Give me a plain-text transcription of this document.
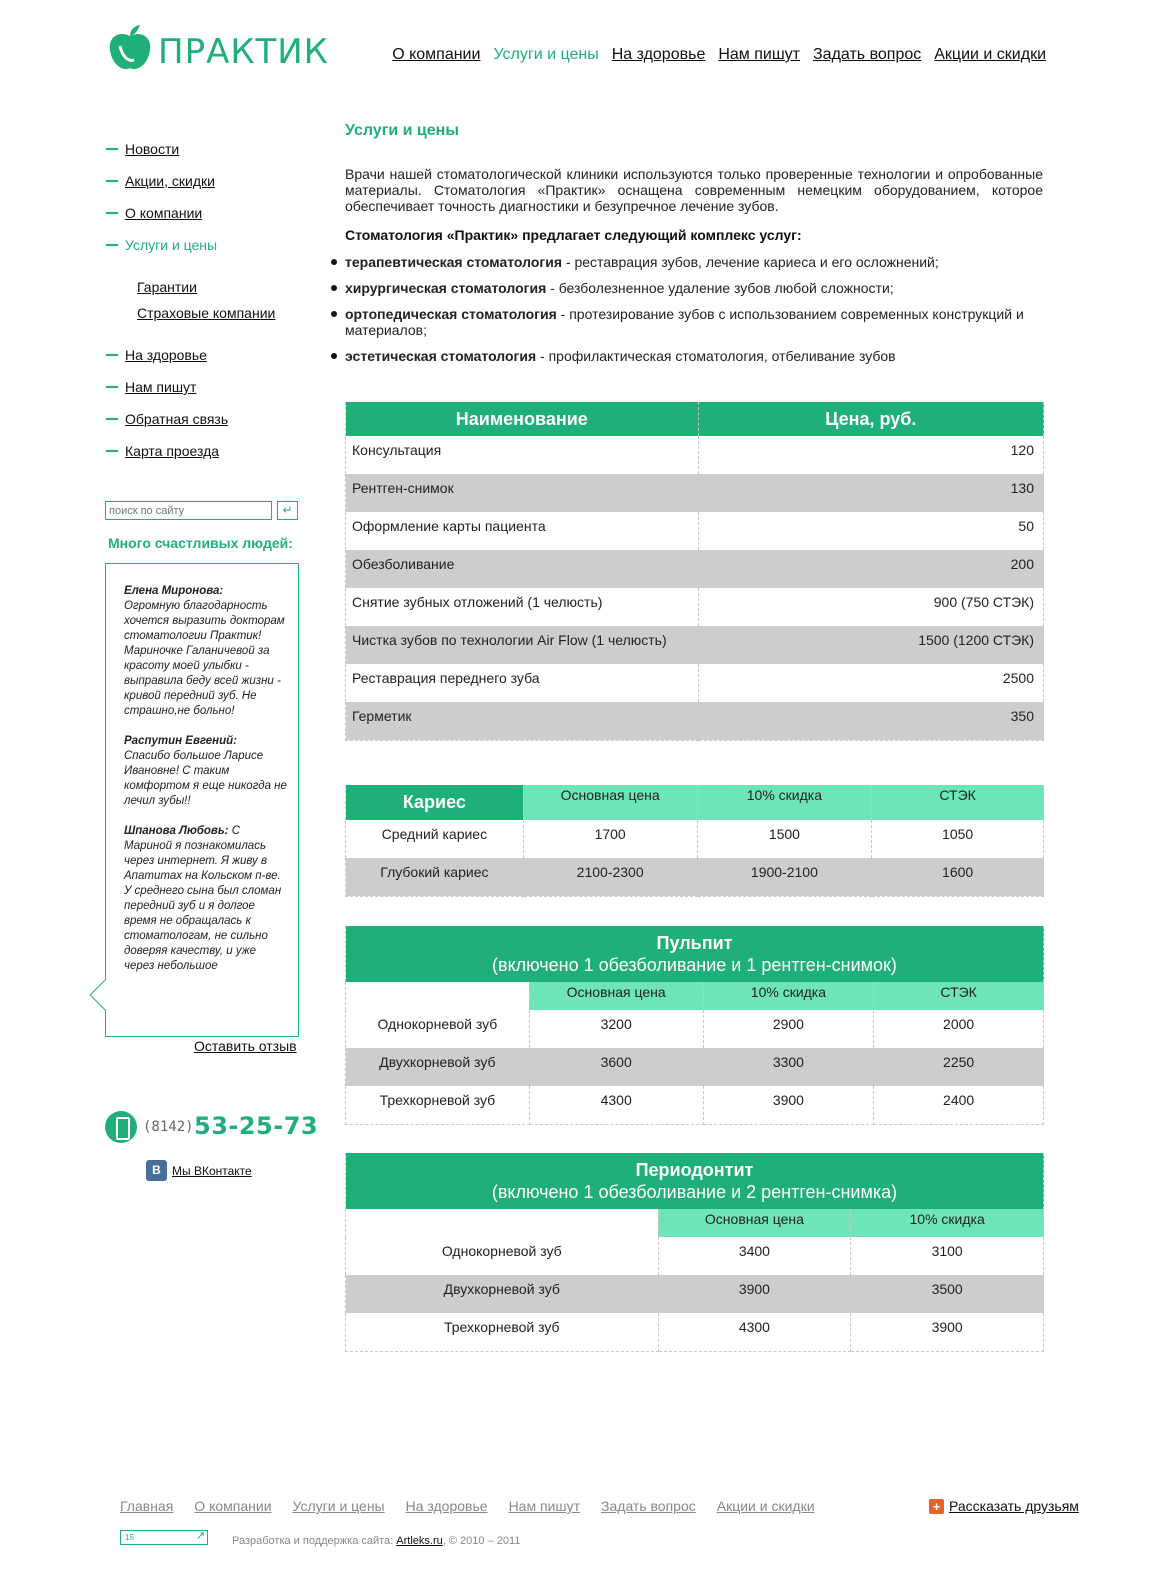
ПРАКТИК	О компании Услуги и цены На здоровье Нам пишут Задать вопрос Акции и скидки
Новости
Акции, скидки
О компании
Услуги и цены
Гарантии
Страховые компании
На здоровье
Нам пишут
Обратная связь
Карта проезда
поиск по сайту
↵
Много счастливых людей:

Елена Миронова:
Огромную благодарность хочется выразить докторам стоматологии Практик! Мариночке Галаничевой за красоту моей улыбки - выправила беду всей жизни - кривой передний зуб. Не страшно,не больно!

Распутин Евгений:
Спасибо большое Ларисе Ивановне! С таким комфортом я еще никогда не лечил зубы!!

Шпанова Любовь: С Мариной я познакомилась через интернет. Я живу в Апатитах на Кольском п-ве. У среднего сына был сломан передний зуб и я долгое время не обращалась к стоматологам, не сильно доверяя качеству, и уже через небольшое

Оставить отзыв
(8142) 53-25-73
В Мы ВКонтакте
Услуги и цены

Врачи нашей стоматологической клиники используются только проверенные технологии и опробованные материалы. Стоматология «Практик» оснащена современным немецким оборудованием, которое обеспечивает точность диагностики и безупречное лечение зубов.

Стоматология «Практик» предлагает следующий комплекс услуг:

терапевтическая стоматология - реставрация зубов, лечение кариеса и его осложнений;
хирургическая стоматология - безболезненное удаление зубов любой сложности;
ортопедическая стоматология - протезирование зубов с использованием современных конструкций и материалов;
эстетическая стоматология - профилактическая стоматология, отбеливание зубов
Наименование	Цена, руб.
Консультация	120
Рентген-снимок	130
Оформление карты пациента	50
Обезболивание	200
Снятие зубных отложений (1 челюсть)	900 (750 СТЭК)
Чистка зубов по технологии Air Flow (1 челюсть)	1500 (1200 СТЭК)
Реставрация переднего зуба	2500
Герметик	350
Кариес	Основная цена	10% скидка	СТЭК
Средний кариес	1700	1500	1050
Глубокий кариес	2100-2300	1900-2100	1600
Пульпит
(включено 1 обезболивание и 1 рентген-снимок)			
	Основная цена	10% скидка	СТЭК
Однокорневой зуб	3200	2900	2000
Двухкорневой зуб	3600	3300	2250
Трехкорневой зуб	4300	3900	2400
Периодонтит
(включено 1 обезболивание и 2 рентген-снимка)		
	Основная цена	10% скидка
Однокорневой зуб	3400	3100
Двухкорневой зуб	3900	3500
Трехкорневой зуб	4300	3900
Главная О компании Услуги и цены На здоровье Нам пишут Задать вопрос Акции и скидки	+ Рассказать друзьям
15 ↗	Разработка и поддержка сайта: Artleks.ru, © 2010 – 2011
